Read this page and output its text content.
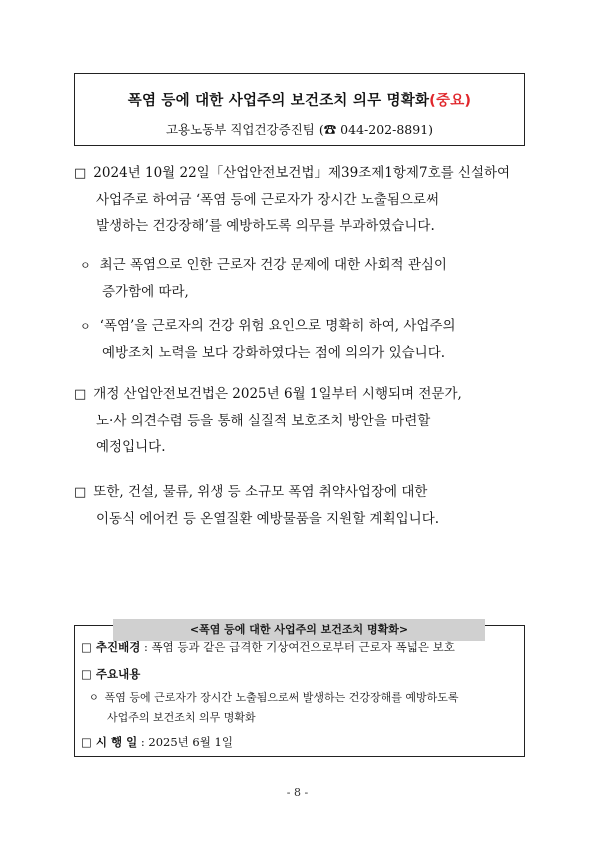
폭염 등에 대한 사업주의 보건조치 의무 명확화(중요)
고용노동부 직업건강증진팀 (☎ 044-202-8891)
□ 2024년 10월 22일「산업안전보건법」제39조제1항제7호를 신설하여
사업주로 하여금 ‘폭염 등에 근로자가 장시간 노출됨으로써
발생하는 건강장해’를 예방하도록 의무를 부과하였습니다.
ㅇ 최근 폭염으로 인한 근로자 건강 문제에 대한 사회적 관심이
증가함에 따라,
ㅇ ‘폭염’을 근로자의 건강 위험 요인으로 명확히 하여, 사업주의
예방조치 노력을 보다 강화하였다는 점에 의의가 있습니다.
□ 개정 산업안전보건법은 2025년 6월 1일부터 시행되며 전문가,
노·사 의견수렴 등을 통해 실질적 보호조치 방안을 마련할
예정입니다.
□ 또한, 건설, 물류, 위생 등 소규모 폭염 취약사업장에 대한
이동식 에어컨 등 온열질환 예방물품을 지원할 계획입니다.
<폭염 등에 대한 사업주의 보건조치 명확화>
□ 추진배경 : 폭염 등과 같은 급격한 기상여건으로부터 근로자 폭넓은 보호
□ 주요내용
ㅇ 폭염 등에 근로자가 장시간 노출됨으로써 발생하는 건강장해를 예방하도록
사업주의 보건조치 의무 명확화
□ 시 행 일 : 2025년 6월 1일
- 8 -
